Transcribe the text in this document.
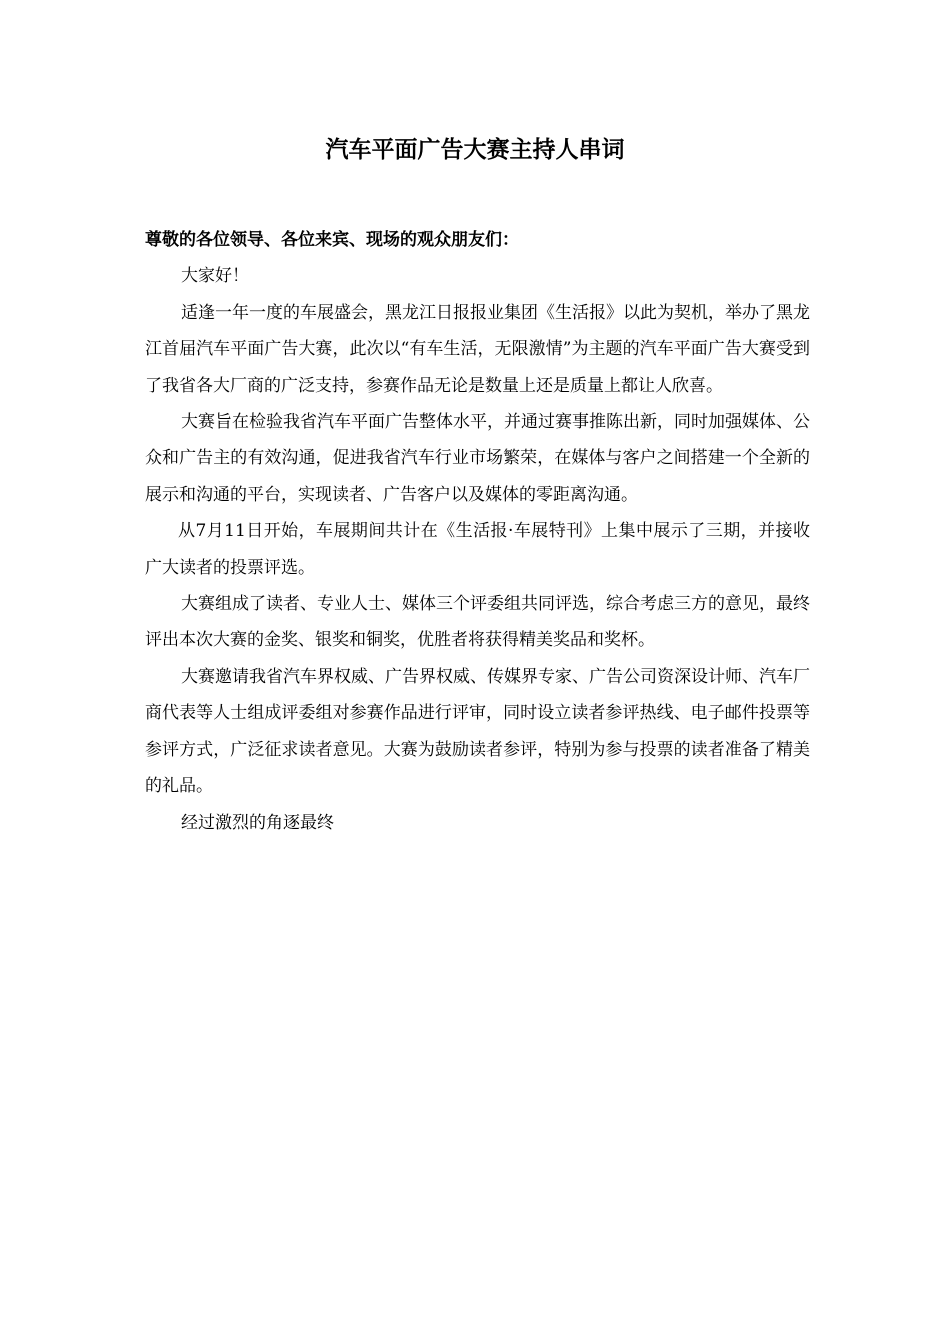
汽车平面广告大赛主持人串词

尊敬的各位领导、各位来宾、现场的观众朋友们：

大家好！

适逢一年一度的车展盛会，黑龙江日报报业集团《生活报》以此为契机，举办了黑龙江首届汽车平面广告大赛，此次以“有车生活，无限激情”为主题的汽车平面广告大赛受到了我省各大厂商的广泛支持，参赛作品无论是数量上还是质量上都让人欣喜。

大赛旨在检验我省汽车平面广告整体水平，并通过赛事推陈出新，同时加强媒体、公众和广告主的有效沟通，促进我省汽车行业市场繁荣，在媒体与客户之间搭建一个全新的展示和沟通的平台，实现读者、广告客户以及媒体的零距离沟通。

从7月11日开始，车展期间共计在《生活报·车展特刊》上集中展示了三期，并接收广大读者的投票评选。

大赛组成了读者、专业人士、媒体三个评委组共同评选，综合考虑三方的意见，最终评出本次大赛的金奖、银奖和铜奖，优胜者将获得精美奖品和奖杯。

大赛邀请我省汽车界权威、广告界权威、传媒界专家、广告公司资深设计师、汽车厂商代表等人士组成评委组对参赛作品进行评审，同时设立读者参评热线、电子邮件投票等参评方式，广泛征求读者意见。大赛为鼓励读者参评，特别为参与投票的读者准备了精美的礼品。

经过激烈的角逐最终
